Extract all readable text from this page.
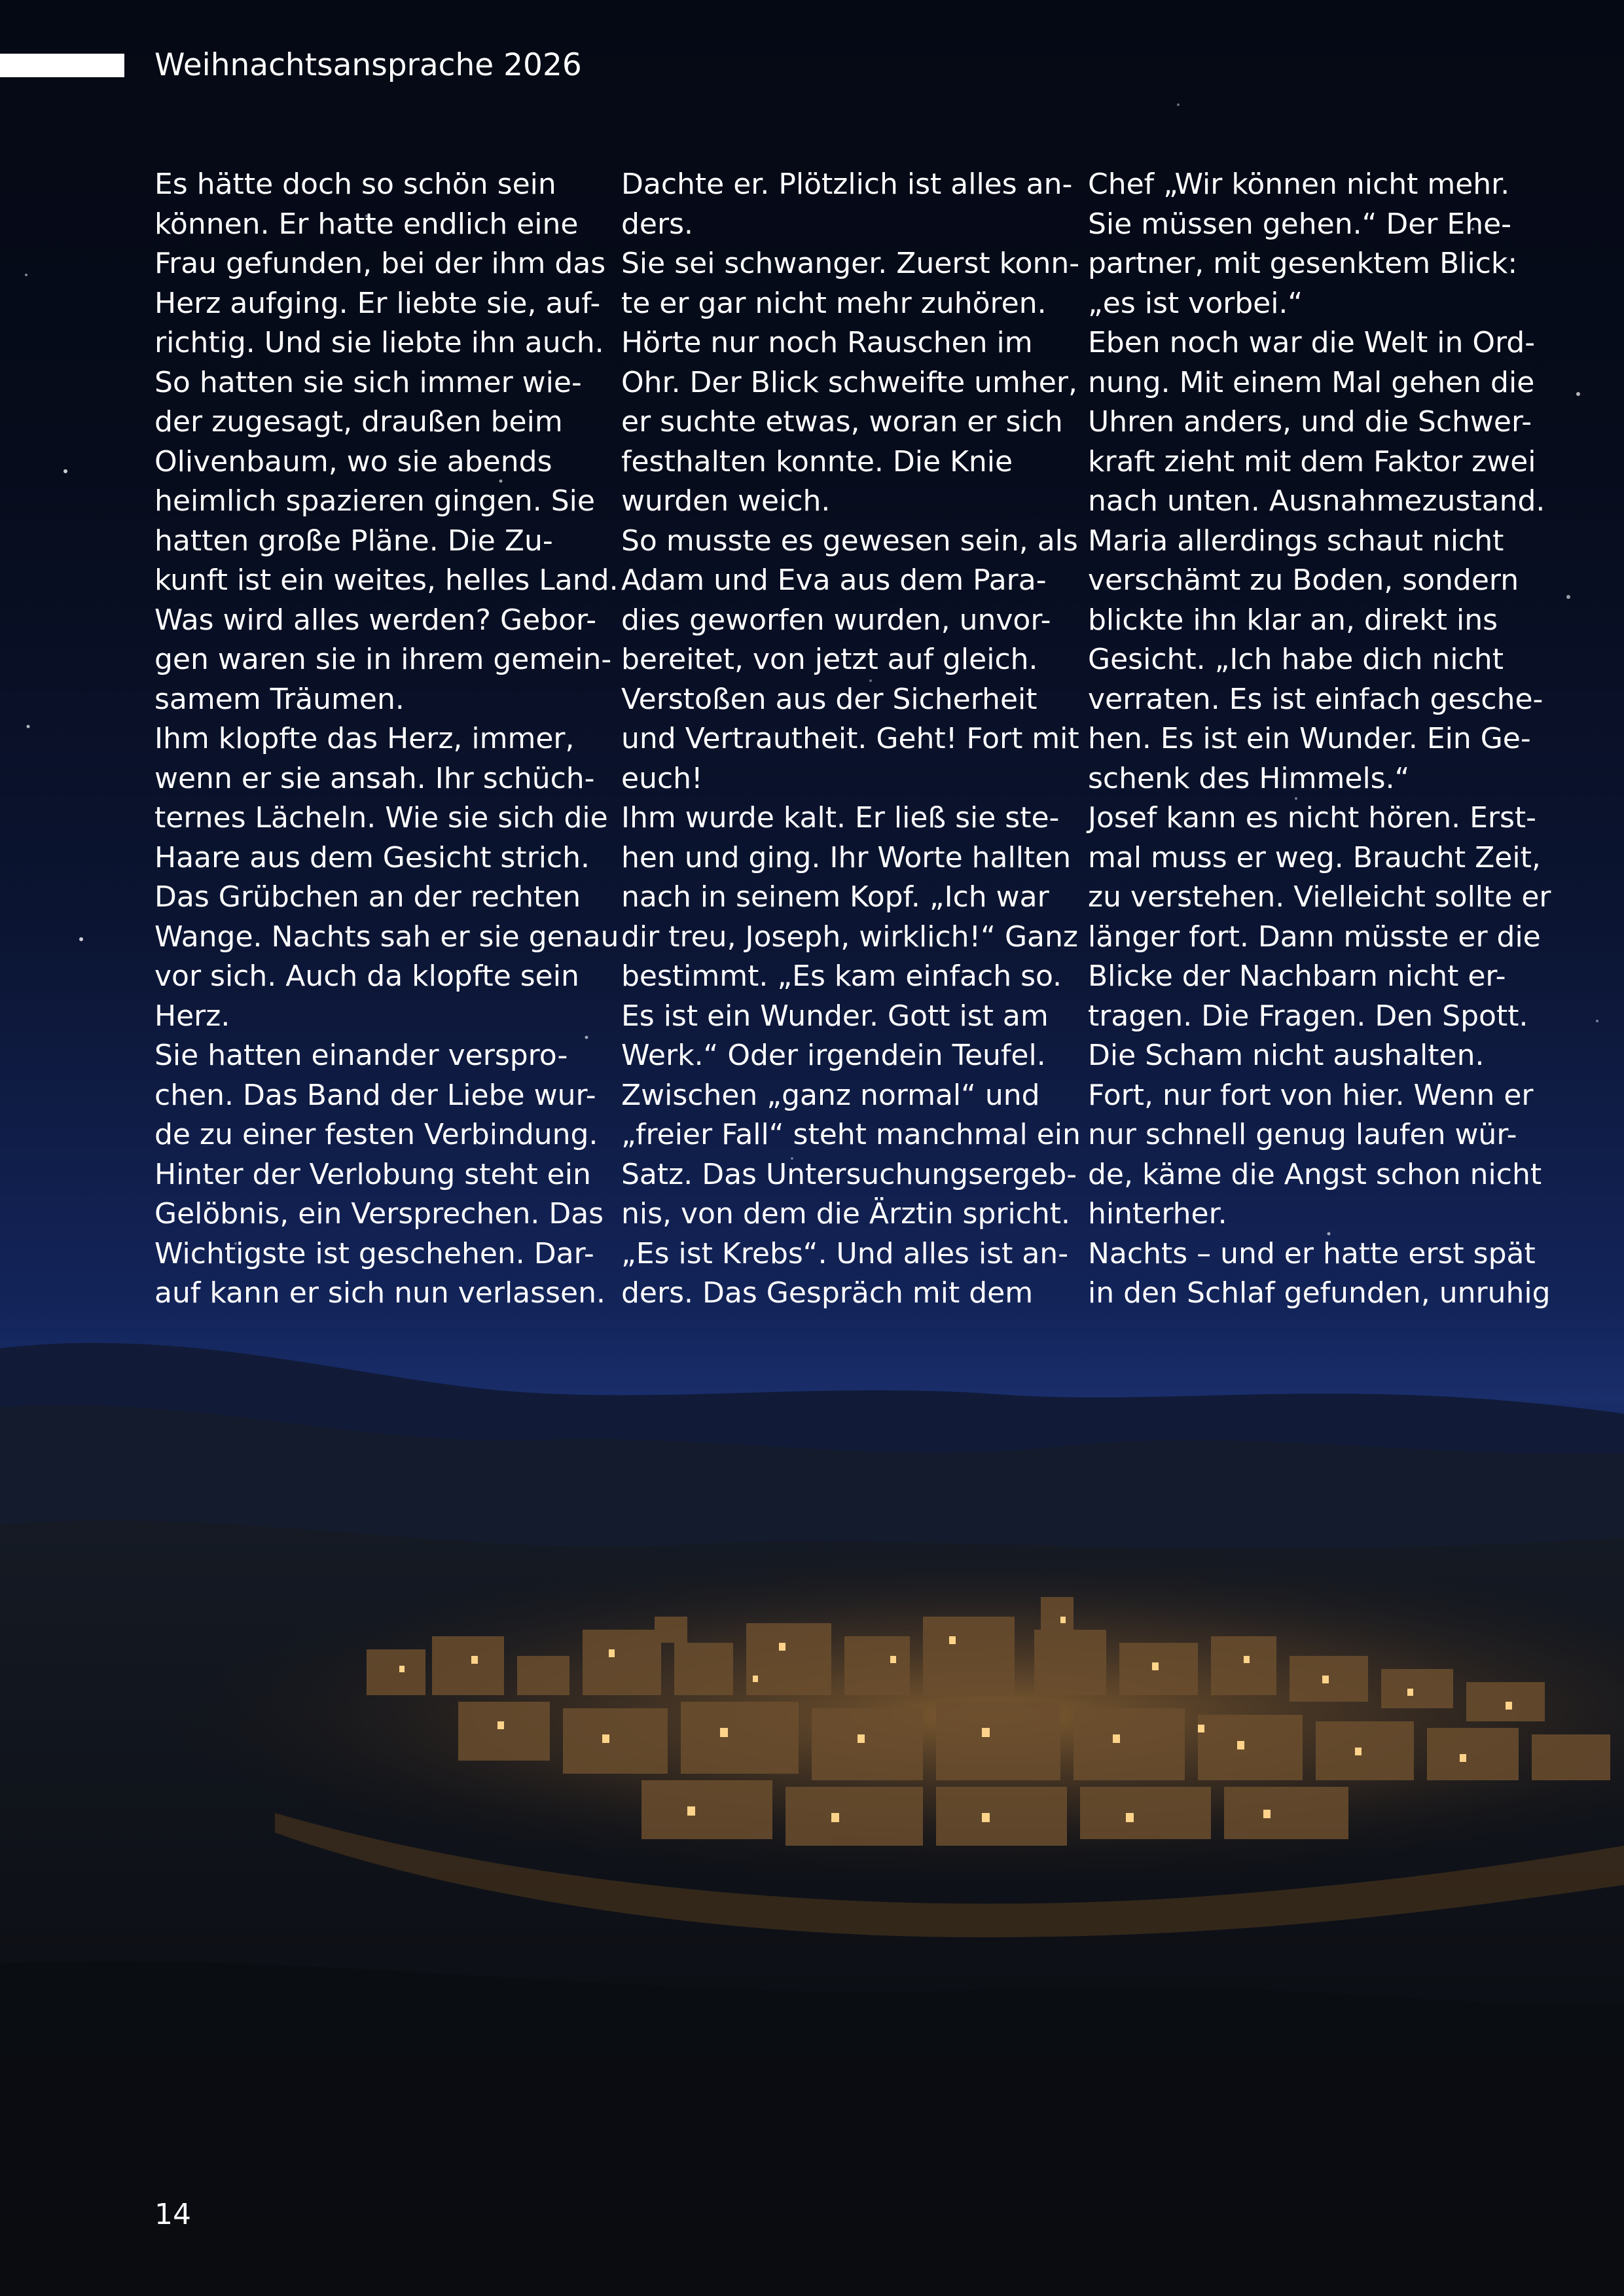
Weihnachtsansprache 2026
Es hätte doch so schön sein
können. Er hatte endlich eine
Frau gefunden, bei der ihm das
Herz aufging. Er liebte sie, auf-
richtig. Und sie liebte ihn auch.
So hatten sie sich immer wie-
der zugesagt, draußen beim
Olivenbaum, wo sie abends
heimlich spazieren gingen. Sie
hatten große Pläne. Die Zu-
kunft ist ein weites, helles Land.
Was wird alles werden? Gebor-
gen waren sie in ihrem gemein-
samem Träumen.
Ihm klopfte das Herz, immer,
wenn er sie ansah. Ihr schüch-
ternes Lächeln. Wie sie sich die
Haare aus dem Gesicht strich.
Das Grübchen an der rechten
Wange. Nachts sah er sie genau
vor sich. Auch da klopfte sein
Herz.
Sie hatten einander verspro-
chen. Das Band der Liebe wur-
de zu einer festen Verbindung.
Hinter der Verlobung steht ein
Gelöbnis, ein Versprechen. Das
Wichtigste ist geschehen. Dar-
auf kann er sich nun verlassen.
Dachte er. Plötzlich ist alles an-
ders.
Sie sei schwanger. Zuerst konn-
te er gar nicht mehr zuhören.
Hörte nur noch Rauschen im
Ohr. Der Blick schweifte umher,
er suchte etwas, woran er sich
festhalten konnte. Die Knie
wurden weich.
So musste es gewesen sein, als
Adam und Eva aus dem Para-
dies geworfen wurden, unvor-
bereitet, von jetzt auf gleich.
Verstoßen aus der Sicherheit
und Vertrautheit. Geht! Fort mit
euch!
Ihm wurde kalt. Er ließ sie ste-
hen und ging. Ihr Worte hallten
nach in seinem Kopf. „Ich war
dir treu, Joseph, wirklich!“ Ganz
bestimmt. „Es kam einfach so.
Es ist ein Wunder. Gott ist am
Werk.“ Oder irgendein Teufel.
Zwischen „ganz normal“ und
„freier Fall“ steht manchmal ein
Satz. Das Untersuchungsergeb-
nis, von dem die Ärztin spricht.
„Es ist Krebs“. Und alles ist an-
ders. Das Gespräch mit dem
Chef „Wir können nicht mehr.
Sie müssen gehen.“ Der Ehe-
partner, mit gesenktem Blick:
„es ist vorbei.“
Eben noch war die Welt in Ord-
nung. Mit einem Mal gehen die
Uhren anders, und die Schwer-
kraft zieht mit dem Faktor zwei
nach unten. Ausnahmezustand.
Maria allerdings schaut nicht
verschämt zu Boden, sondern
blickte ihn klar an, direkt ins
Gesicht. „Ich habe dich nicht
verraten. Es ist einfach gesche-
hen. Es ist ein Wunder. Ein Ge-
schenk des Himmels.“
Josef kann es nicht hören. Erst-
mal muss er weg. Braucht Zeit,
zu verstehen. Vielleicht sollte er
länger fort. Dann müsste er die
Blicke der Nachbarn nicht er-
tragen. Die Fragen. Den Spott.
Die Scham nicht aushalten.
Fort, nur fort von hier. Wenn er
nur schnell genug laufen wür-
de, käme die Angst schon nicht
hinterher.
Nachts – und er hatte erst spät
in den Schlaf gefunden, unruhig
14
